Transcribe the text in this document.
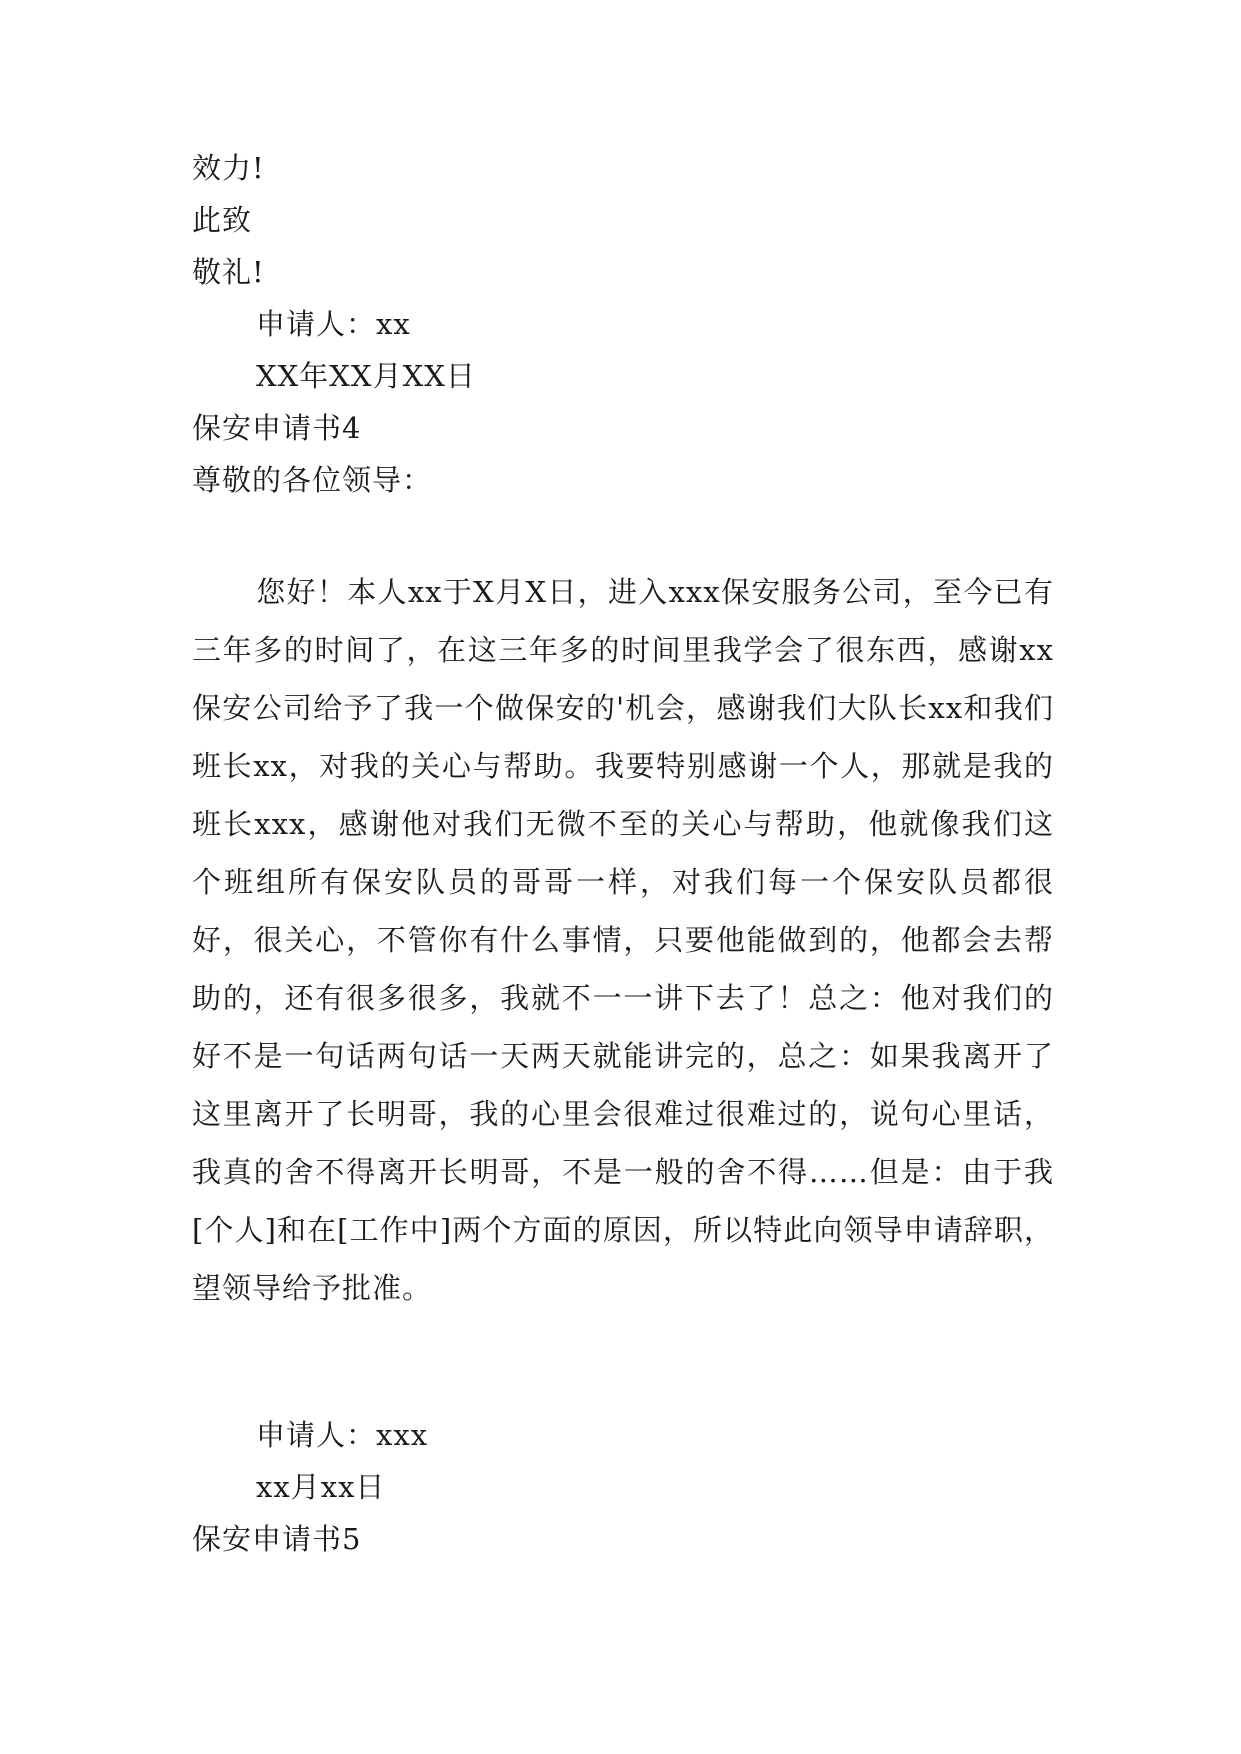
效力!
此致
敬礼!
申请人：xx
XX年XX月XX日
保安申请书4
尊敬的各位领导：
您好！本人xx于X月X日，进入xxx保安服务公司，至今已有三年多的时间了，在这三年多的时间里我学会了很东西，感谢xx保安公司给予了我一个做保安的'机会，感谢我们大队长xx和我们班长xx，对我的关心与帮助。我要特别感谢一个人，那就是我的班长xxx，感谢他对我们无微不至的关心与帮助，他就像我们这个班组所有保安队员的哥哥一样，对我们每一个保安队员都很好，很关心，不管你有什么事情，只要他能做到的，他都会去帮助的，还有很多很多，我就不一一讲下去了！总之：他对我们的好不是一句话两句话一天两天就能讲完的，总之：如果我离开了这里离开了长明哥，我的心里会很难过很难过的，说句心里话，我真的舍不得离开长明哥，不是一般的舍不得……但是：由于我[个人]和在[工作中]两个方面的原因，所以特此向领导申请辞职，望领导给予批准。
申请人：xxx
xx月xx日
保安申请书5
